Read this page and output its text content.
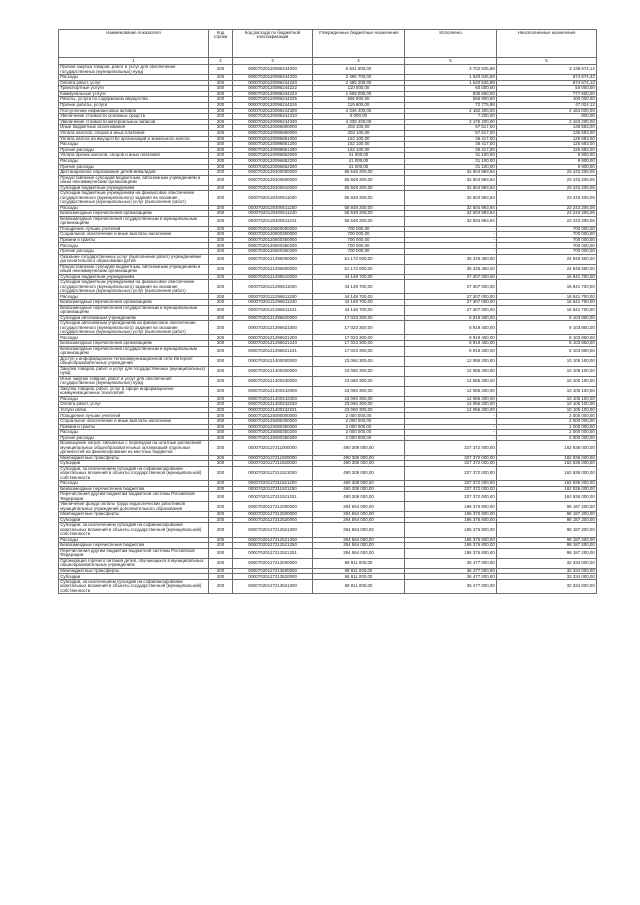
Наименование показателя	Код строки	Код расхода по бюджетной классификации	Утвержденные бюджетные назначения	Исполнено	Неисполненные назначения
1	2	3	4	5	6
Прочая закупка товаров, работ и услуг для обеспечения государственных (муниципальных) нужд	200	00007020120096244000	6 841 600,00	3 702 925,88	3 138 674,12
Расходы	200	00007020120096244200	2 496 700,00	1 620 025,58	874 674,42
Оплата работ, услуг	200	00007020120096244220	2 495 200,00	1 620 525,88	874 674,12
Транспортные услуги	200	00007020120096244222	110 000,00	60 000,00	50 000,00
Коммунальные услуги	200	00007020120096244223	1 608 000,00	830 650,00	777 650,00
Работы, услуги по содержанию имущества	200	00007020120096244225	596 800,00	555 900,00	100 000,00
Прочие работы, услуги	200	00007020120096244226	119 800,00	72 775,88	47 024,12
Поступление нефинансовых активов	200	00007020120096244300	4 346 400,00	2 182 400,00	2 164 000,00
Увеличение стоимости основных средств	200	00007020120096244310	8 000,00	7 200,00	800,00
Увеличение стоимости материальных запасов	200	00007020120096244340	4 338 400,00	2 175 200,00	2 163 200,00
Иные бюджетные ассигнования	200	00007020120096800000	203 100,00	67 517,00	135 583,00
Уплата налогов, сборов и иных платежей	200	00007020120096850000	203 100,00	67 517,00	135 583,00
Уплата налога на имущество организаций и земельного налога	200	00007020120096851000	162 100,00	36 417,00	125 683,00
Расходы	200	00007020120096851200	162 100,00	36 417,00	125 683,00
Прочие расходы	200	00007020120096851290	162 100,00	36 417,00	125 683,00
Уплата прочих налогов, сборов и иных платежей	200	00007020120096852000	41 000,00	31 100,00	9 900,00
Расходы	200	00007020120096852200	41 000,00	31 100,00	9 900,00
Прочие расходы	200	00007020120096852290	41 000,00	31 100,00	9 900,00
Дистанционное образование детей-инвалидов	200	00007020120400000000	55 548 200,00	32 604 993,94	23 243 206,06
Предоставление субсидий бюджетным, автономным учреждениям и иным некоммерческим организациям	200	00007020120400600000	55 848 200,00	32 604 993,94	23 243 206,06
Субсидии бюджетным учреждениям	200	00007020120400610000	55 848 200,00	32 604 993,94	23 243 206,06
Субсидии бюджетным учреждениям на финансовое обеспечение государственного (муниципального) задания на оказание государственных (муниципальных) услуг (выполнение работ)	200	00007020120400611000	55 848 200,00	32 604 993,94	23 243 206,06
Расходы	200	00007020120400611200	55 848 200,00	32 604 993,94	23 243 206,06
Безвозмездные перечисления организациям	200	00007020120400611240	55 548 200,00	32 604 993,94	23 243 206,06
Безвозмездные перечисления государственным и муниципальным организациям	200	00007020120400611241	55 548 200,00	32 604 993,94	23 243 206,06
Поощрение лучших учителей	200	00007020120600000000	700 000,00	-	700 000,00
Социальное обеспечение и иные выплаты населению	200	00007020120600300000	700 000,00	-	700 000,00
Премии и гранты	200	00007020120600350000	700 000,00	-	700 000,00
Расходы	200	00007020120600350200	700 000,00	-	700 000,00
Прочие расходы	200	00007020120600350290	700 000,00	-	700 000,00
Оказание государственных услуг (выполнение работ) учреждениями дополнительного образования детей	200	00007020121296000000	61 172 000,00	36 226 450,00	24 945 550,00
Предоставление субсидий бюджетным, автономным учреждениям и иным некоммерческим организациям	200	00007020121296600000	61 172 000,00	36 226 450,00	24 945 550,00
Субсидии бюджетным учреждениям	200	00007020121296610000	44 148 700,00	27 307 000,00	16 841 700,00
Субсидии бюджетным учреждениям на финансовое обеспечение государственного (муниципального) задания на оказание государственных (муниципальных) услуг (выполнение работ)	200	00007020121296611000	44 148 700,00	27 307 000,00	16 841 700,00
Расходы	200	00007020121296611200	44 148 700,00	27 307 000,00	16 841 700,00
Безвозмездные перечисления организациям	200	00007020121296611240	44 148 700,00	27 307 000,00	16 841 700,00
Безвозмездные перечисления государственным и муниципальным организациям	200	00007020121296611241	44 148 700,00	27 307 000,00	16 841 700,00
Субсидии автономным учреждениям	200	00007020121296620000	17 023 300,00	8 919 450,00	8 103 850,00
Субсидии автономным учреждениям на финансовое обеспечение государственного (муниципального) задания на оказание государственных (муниципальных) услуг (выполнение работ)	200	00007020121296621000	17 023 300,00	8 919 450,00	8 103 850,00
Расходы	200	00007020121296621200	17 023 300,00	8 919 450,00	8 103 850,00
Безвозмездные перечисления организациям	200	00007020121296621240	17 023 300,00	8 919 450,00	8 103 850,00
Безвозмездные перечисления государственным и муниципальным организациям	200	00007020121296621241	17 023 300,00	8 919 450,00	8 103 850,00
Доступ к информационно-телекоммуникационной сети Интернет общеобразовательных учреждений	200	00007020121400000000	23 060 300,00	12 955 200,00	10 105 100,00
Закупка товаров, работ и услуг для государственных (муниципальных) нужд	200	00007020121400200000	23 060 300,00	12 955 200,00	10 105 100,00
Иные закупки товаров, работ и услуг для обеспечения государственных (муниципальных) нужд	200	00007020121400240000	23 060 300,00	12 955 200,00	10 105 100,00
Закупка товаров, работ, услуг в сфере информационно-коммуникационных технологий	200	00007020121400242000	23 060 300,00	12 955 200,00	10 105 100,00
Расходы	200	00007020121400242200	23 060 300,00	12 955 200,00	10 105 100,00
Оплата работ, услуг	200	00007020121400242220	23 060 300,00	12 955 200,00	10 105 100,00
Услуги связи	200	00007020121400242221	23 060 300,00	12 955 200,00	10 105 100,00
Поощрение лучших учителей	200	00007020125080000000	2 000 000,00	-	2 000 000,00
Социальное обеспечение и иные выплаты населению	200	00007020125080300000	2 000 000,00	-	2 000 000,00
Премии и гранты	200	00007020125080350000	2 000 000,00	-	2 000 000,00
Расходы	200	00007020125080350200	2 000 000,00	-	2 000 000,00
Прочие расходы	200	00007020125080350290	2 000 000,00	-	2 000 000,00
Возмещение затрат, связанных с переводом на штатные расписания муниципальных общеобразовательных организаций отдельных должностей на финансирование из местных бюджетов	200	00007020127211000000	490 308 000,00	327 372 000,00	162 936 000,00
Межбюджетные трансферты	200	00007020127211500000	490 308 000,00	327 372 000,00	162 936 000,00
Субсидии	200	00007020127211520000	490 308 000,00	327 372 000,00	162 936 000,00
Субсидии, за исключением субсидий на софинансирование капитальных вложений в объекты государственной (муниципальной) собственности	200	00007020127211521000	490 308 000,00	327 372 000,00	162 936 000,00
Расходы	200	00007020127211521200	490 308 000,00	327 372 000,00	162 936 000,00
Безвозмездные перечисления бюджетам	200	00007020127211521250	490 308 000,00	327 372 000,00	162 936 000,00
Перечисления другим бюджетам бюджетной системы Российской Федерации	200	00007020127211521251	490 308 000,00	327 372 000,00	162 936 000,00
Увеличение фонда оплаты труда педагогических работников муниципальных учреждений дополнительного образования	200	00007020127212000000	294 564 000,00	196 376 800,00	98 187 200,00
Межбюджетные трансферты	200	00007020127212500000	294 564 000,00	196 376 800,00	98 187 200,00
Субсидии	200	00007020127212520000	294 564 000,00	196 376 800,00	98 187 200,00
Субсидии, за исключением субсидий на софинансирование капитальных вложений в объекты государственной (муниципальной) собственности	200	00007020127212521000	294 564 000,00	196 376 800,00	98 187 200,00
Расходы	200	00007020127212521200	294 564 000,00	196 376 800,00	98 187 200,00
Безвозмездные перечисления бюджетам	200	00007020127212521250	294 564 000,00	196 376 800,00	98 187 200,00
Перечисления другим бюджетам бюджетной системы Российской Федерации	200	00007020127212521251	294 564 000,00	196 376 800,00	98 187 200,00
Организация горячего питания детей, обучающихся в муниципальных общеобразовательных учреждениях	200	00007020127213000000	68 811 000,00	36 477 000,00	32 334 000,00
Межбюджетные трансферты	200	00007020127213500000	68 811 000,00	36 477 000,00	32 334 000,00
Субсидии	200	00007020127213520000	68 811 000,00	36 477 000,00	32 334 000,00
Субсидии, за исключением субсидий на софинансирование капитальных вложений в объекты государственной (муниципальной) собственности	200	00007020127213521000	68 811 000,00	36 477 000,00	32 334 000,00
